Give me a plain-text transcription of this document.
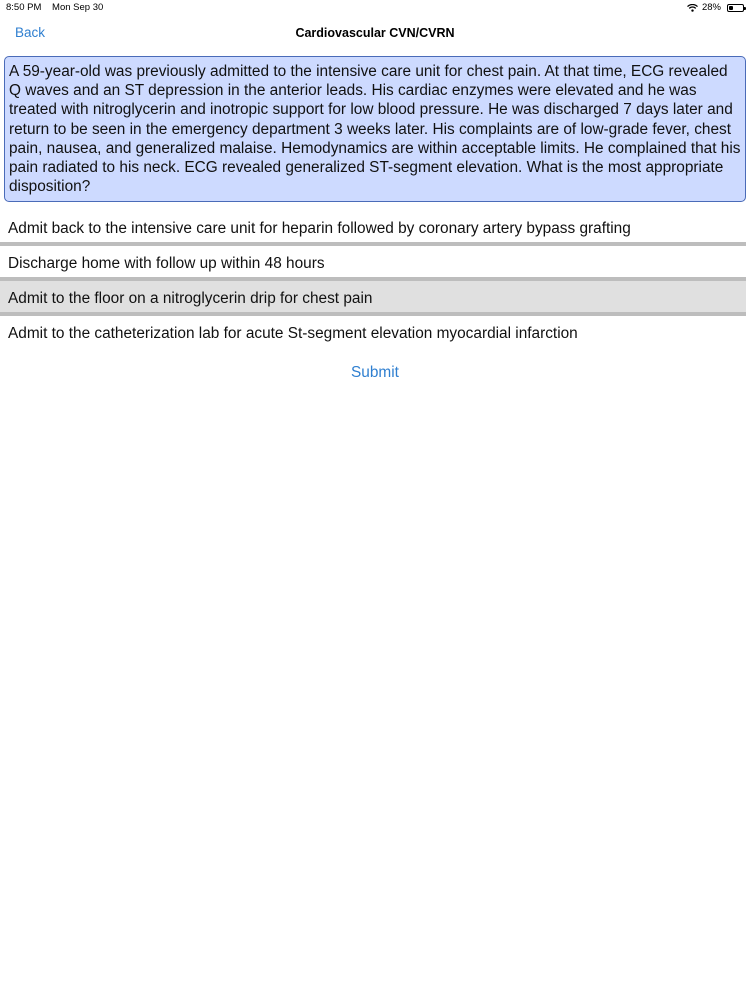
8:50 PM Mon Sep 30	28%
Back	Cardiovascular CVN/CVRN
A 59-year-old was previously admitted to the intensive care unit for chest pain. At that time, ECG revealed Q waves and an ST depression in the anterior leads. His cardiac enzymes were elevated and he was treated with nitroglycerin and inotropic support for low blood pressure. He was discharged 7 days later and return to be seen in the emergency department 3 weeks later. His complaints are of low-grade fever, chest pain, nausea, and generalized malaise. Hemodynamics are within acceptable limits. He complained that his pain radiated to his neck. ECG revealed generalized ST-segment elevation. What is the most appropriate disposition?
Admit back to the intensive care unit for heparin followed by coronary artery bypass grafting
Discharge home with follow up within 48 hours
Admit to the floor on a nitroglycerin drip for chest pain
Admit to the catheterization lab for acute St-segment elevation myocardial infarction
Submit
